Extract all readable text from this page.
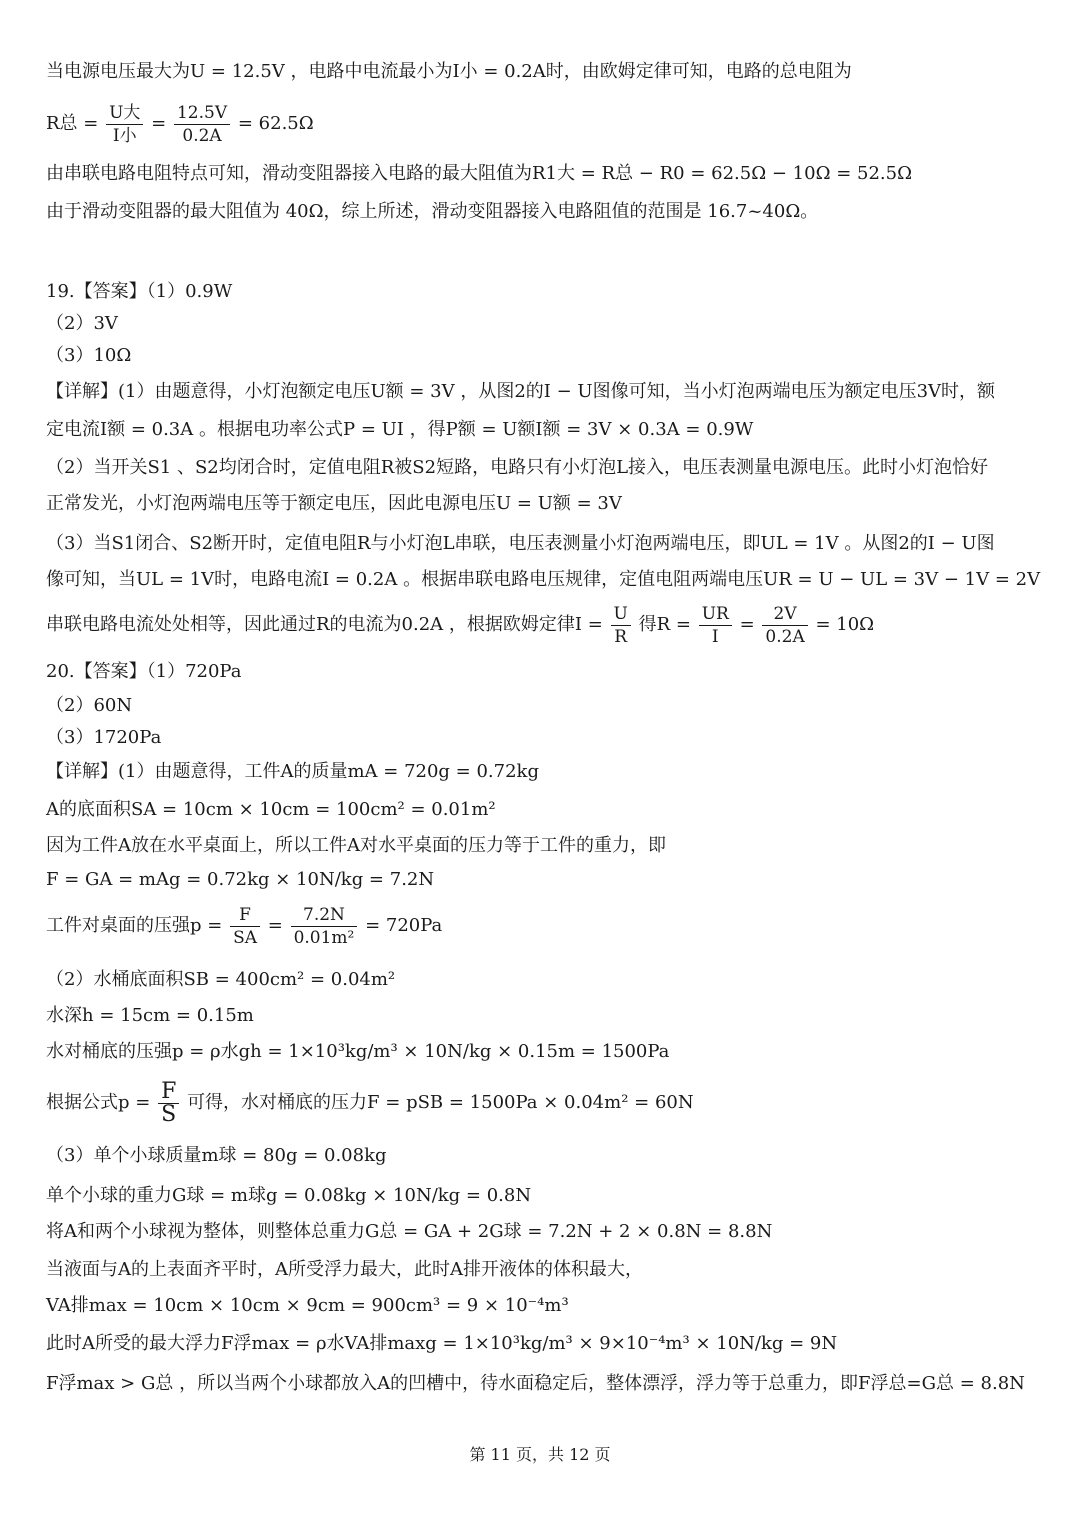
当电源电压最大为U = 12.5V ，电路中电流最小为I小 = 0.2A时，由欧姆定律可知，电路的总电阻为
R总 = $\frac{\text{U大}}{\text{I小}} = \frac{12.5V}{0.2A} = 62.5\Omega$
由串联电路电阻特点可知，滑动变阻器接入电路的最大阻值为R1大 = R总 − R0 = 62.5Ω − 10Ω = 52.5Ω
由于滑动变阻器的最大阻值为 40Ω，综上所述，滑动变阻器接入电路阻值的范围是 16.7~40Ω。
19.【答案】（1）0.9W
（2）3V
（3）10Ω
【详解】(1）由题意得，小灯泡额定电压U额 = 3V ，从图2的I − U图像可知，当小灯泡两端电压为额定电压3V时，额
定电流I额 = 0.3A 。根据电功率公式P = UI ，得P额 = U额I额 = 3V × 0.3A = 0.9W
（2）当开关S1 、S2均闭合时，定值电阻R被S2短路，电路只有小灯泡L接入，电压表测量电源电压。此时小灯泡恰好
正常发光，小灯泡两端电压等于额定电压，因此电源电压U = U额 = 3V
（3）当S1闭合、S2断开时，定值电阻R与小灯泡L串联，电压表测量小灯泡两端电压，即UL = 1V 。从图2的I − U图
像可知，当UL = 1V时，电路电流I = 0.2A 。根据串联电路电压规律，定值电阻两端电压UR = U − UL = 3V − 1V = 2V
串联电路电流处处相等，因此通过R的电流为0.2A ，根据欧姆定律$I = \frac{U}{R}$ 得$R = \frac{UR}{I} = \frac{2V}{0.2A} = 10\Omega$
20.【答案】（1）720Pa
（2）60N
（3）1720Pa
【详解】(1）由题意得，工件A的质量mA = 720g = 0.72kg
A的底面积SA = 10cm × 10cm = 100cm² = 0.01m²
因为工件A放在水平桌面上，所以工件A对水平桌面的压力等于工件的重力，即
F = GA = mAg = 0.72kg × 10N/kg = 7.2N
工件对桌面的压强$p = \frac{F}{SA} = \frac{7.2N}{\text{0.01m²}} = 720Pa$
（2）水桶底面积SB = 400cm² = 0.04m²
水深h = 15cm = 0.15m
水对桶底的压强p = ρ水gh = 1×10³kg/m³ × 10N/kg × 0.15m = 1500Pa
根据公式$p = \frac{F}{S}$ 可得，水对桶底的压力F = pSB = 1500Pa × 0.04m² = 60N
（3）单个小球质量m球 = 80g = 0.08kg
单个小球的重力G球 = m球g = 0.08kg × 10N/kg = 0.8N
将A和两个小球视为整体，则整体总重力G总 = GA + 2G球 = 7.2N + 2 × 0.8N = 8.8N
当液面与A的上表面齐平时，A所受浮力最大，此时A排开液体的体积最大，
VA排max = 10cm × 10cm × 9cm = 900cm³ = 9 × 10⁻⁴m³
此时A所受的最大浮力F浮max = ρ水VA排maxg = 1×10³kg/m³ × 9×10⁻⁴m³ × 10N/kg = 9N
F浮max > G总 ，所以当两个小球都放入A的凹槽中，待水面稳定后，整体漂浮，浮力等于总重力，即F浮总=G总 = 8.8N
第 11 页，共 12 页
